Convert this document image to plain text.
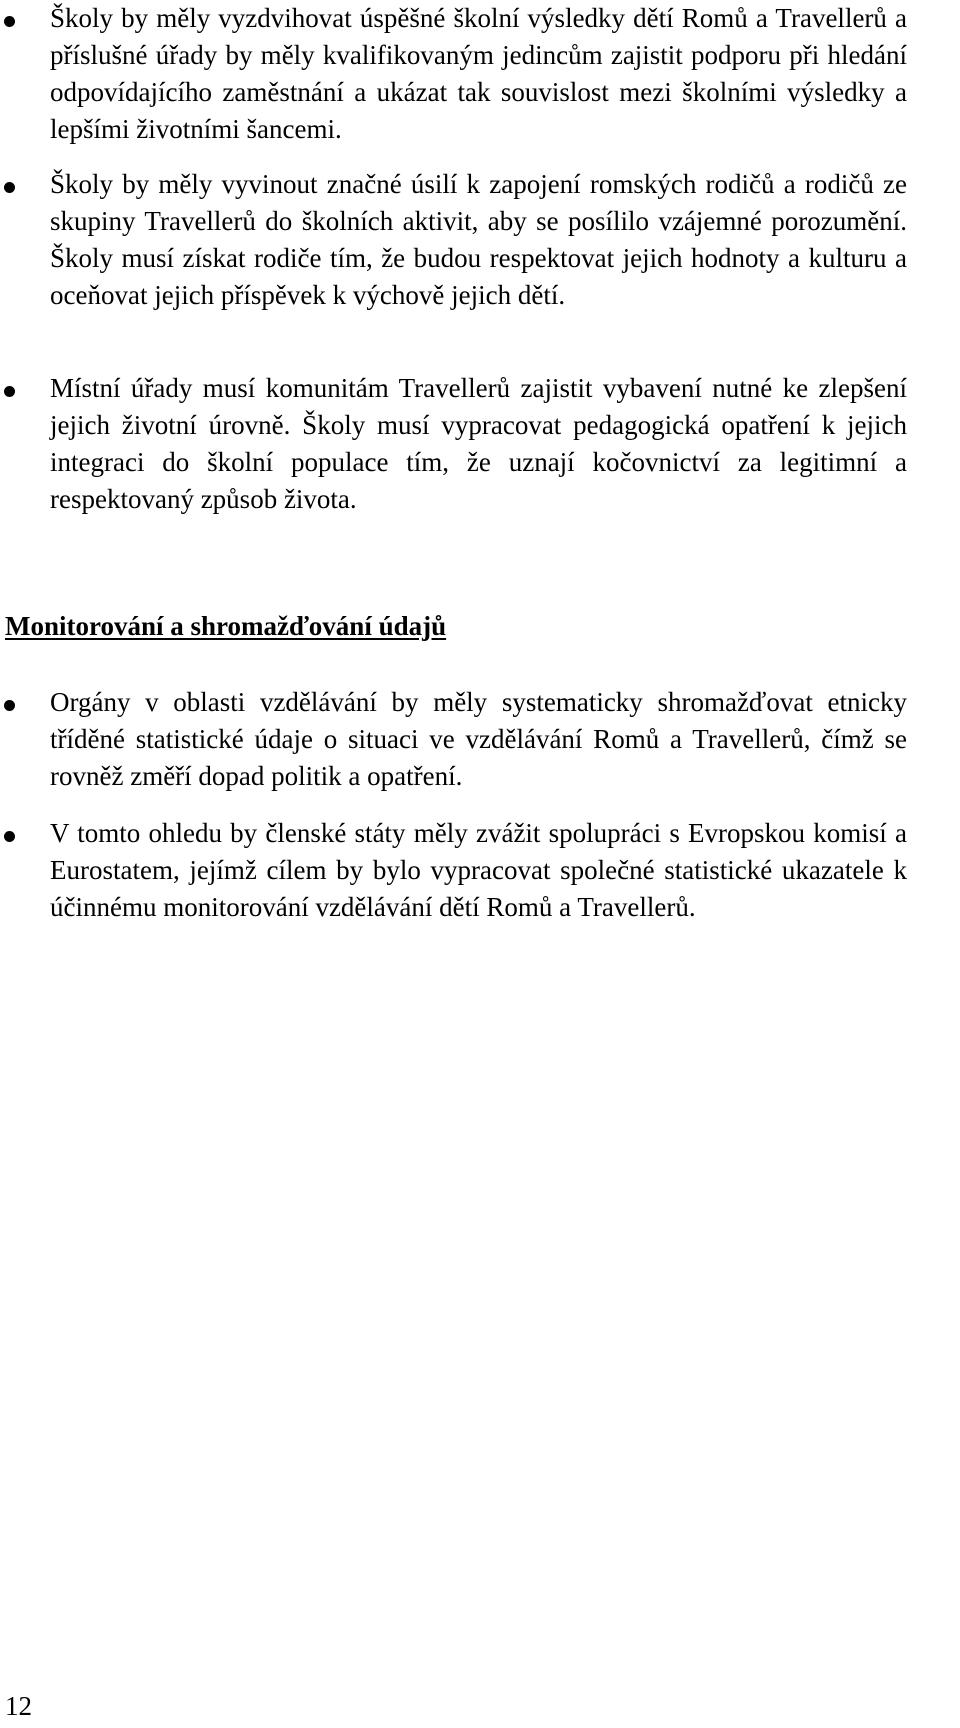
Školy by měly vyzdvihovat úspěšné školní výsledky dětí Romů a Travellerů a příslušné úřady by měly kvalifikovaným jedincům zajistit podporu při hledání odpovídajícího zaměstnání a ukázat tak souvislost mezi školními výsledky a lepšími životními šancemi.
Školy by měly vyvinout značné úsilí k zapojení romských rodičů a rodičů ze skupiny Travellerů do školních aktivit, aby se posílilo vzájemné porozumění. Školy musí získat rodiče tím, že budou respektovat jejich hodnoty a kulturu a oceňovat jejich příspěvek k výchově jejich dětí.
Místní úřady musí komunitám Travellerů zajistit vybavení nutné ke zlepšení jejich životní úrovně. Školy musí vypracovat pedagogická opatření k jejich integraci do školní populace tím, že uznají kočovnictví za legitimní a respektovaný způsob života.
Monitorování a shromažďování údajů
Orgány v oblasti vzdělávání by měly systematicky shromažďovat etnicky tříděné statistické údaje o situaci ve vzdělávání Romů a Travellerů, čímž se rovněž změří dopad politik a opatření.
V tomto ohledu by členské státy měly zvážit spolupráci s Evropskou komisí a Eurostatem, jejímž cílem by bylo vypracovat společné statistické ukazatele k účinnému monitorování vzdělávání dětí Romů a Travellerů.
12
